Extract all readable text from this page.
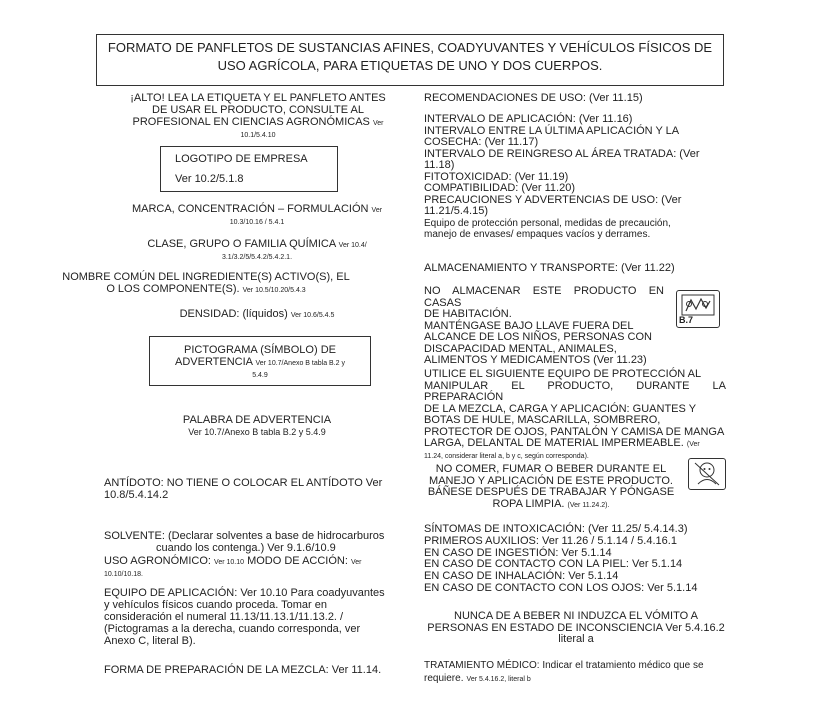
FORMATO DE PANFLETOS DE SUSTANCIAS AFINES, COADYUVANTES Y VEHÍCULOS FÍSICOS DE
USO AGRÍCOLA, PARA ETIQUETAS DE UNO Y DOS CUERPOS.
¡ALTO! LEA LA ETIQUETA Y EL PANFLETO ANTES
DE USAR EL PRODUCTO, CONSULTE AL
PROFESIONAL EN CIENCIAS AGRONÓMICAS Ver
10.1/5.4.10
LOGOTIPO DE EMPRESA
Ver 10.2/5.1.8
MARCA, CONCENTRACIÓN – FORMULACIÓN Ver
10.3/10.16 / 5.4.1
CLASE, GRUPO O FAMILIA QUÍMICA Ver 10.4/
3.1/3.2/5/5.4.2/5.4.2.1.
NOMBRE COMÚN DEL INGREDIENTE(S) ACTIVO(S), EL
O LOS COMPONENTE(S). Ver 10.5/10.20/5.4.3
DENSIDAD: (líquidos) Ver 10.6/5.4.5
PICTOGRAMA (SÍMBOLO) DE
ADVERTENCIA Ver 10.7/Anexo B tabla B.2 y
5.4.9
PALABRA DE ADVERTENCIA
Ver 10.7/Anexo B tabla B.2 y 5.4.9
ANTÍDOTO: NO TIENE O COLOCAR EL ANTÍDOTO Ver
10.8/5.4.14.2
SOLVENTE: (Declarar solventes a base de hidrocarburos
cuando los contenga.) Ver 9.1.6/10.9
USO AGRONÓMICO: Ver 10.10 MODO DE ACCIÓN: Ver
10.10/10.18.
EQUIPO DE APLICACIÓN: Ver 10.10 Para coadyuvantes
y vehículos físicos cuando proceda. Tomar en
consideración el numeral 11.13/11.13.1/11.13.2. /
(Pictogramas a la derecha, cuando corresponda, ver
Anexo C, literal B).
FORMA DE PREPARACIÓN DE LA MEZCLA: Ver 11.14.
RECOMENDACIONES DE USO: (Ver 11.15)
INTERVALO DE APLICACIÓN: (Ver 11.16)
INTERVALO ENTRE LA ÚLTIMA APLICACIÓN Y LA
COSECHA: (Ver 11.17)
INTERVALO DE REINGRESO AL ÁREA TRATADA: (Ver
11.18)
FITOTOXICIDAD: (Ver 11.19)
COMPATIBILIDAD: (Ver 11.20)
PRECAUCIONES Y ADVERTENCIAS DE USO: (Ver
11.21/5.4.15)
Equipo de protección personal, medidas de precaución,
manejo de envases/ empaques vacíos y derrames.
ALMACENAMIENTO Y TRANSPORTE: (Ver 11.22)
NO ALMACENAR ESTE PRODUCTO EN CASAS
DE HABITACIÓN.
MANTÉNGASE BAJO LLAVE FUERA DEL
ALCANCE DE LOS NIÑOS, PERSONAS CON
DISCAPACIDAD MENTAL, ANIMALES,
ALIMENTOS Y MEDICAMENTOS (Ver 11.23)
B.7
UTILICE EL SIGUIENTE EQUIPO DE PROTECCIÓN AL
MANIPULAR EL PRODUCTO, DURANTE LA PREPARACIÓN
DE LA MEZCLA, CARGA Y APLICACIÓN: GUANTES Y
BOTAS DE HULE, MASCARILLA, SOMBRERO,
PROTECTOR DE OJOS, PANTALÓN Y CAMISA DE MANGA
LARGA, DELANTAL DE MATERIAL IMPERMEABLE. (Ver
11.24, considerar literal a, b y c, según corresponda).
NO COMER, FUMAR O BEBER DURANTE EL
MANEJO Y APLICACIÓN DE ESTE PRODUCTO.
BÁÑESE DESPUÉS DE TRABAJAR Y PÓNGASE
ROPA LIMPIA. (Ver 11.24.2).
SÍNTOMAS DE INTOXICACIÓN: (Ver 11.25/ 5.4.14.3)
PRIMEROS AUXILIOS: Ver 11.26 / 5.1.14 / 5.4.16.1
EN CASO DE INGESTIÓN: Ver 5.1.14
EN CASO DE CONTACTO CON LA PIEL: Ver 5.1.14
EN CASO DE INHALACIÓN: Ver 5.1.14
EN CASO DE CONTACTO CON LOS OJOS: Ver 5.1.14
NUNCA DE A BEBER NI INDUZCA EL VÓMITO A
PERSONAS EN ESTADO DE INCONSCIENCIA Ver 5.4.16.2
literal a
TRATAMIENTO MÉDICO: Indicar el tratamiento médico que se
requiere. Ver 5.4.16.2, literal b
